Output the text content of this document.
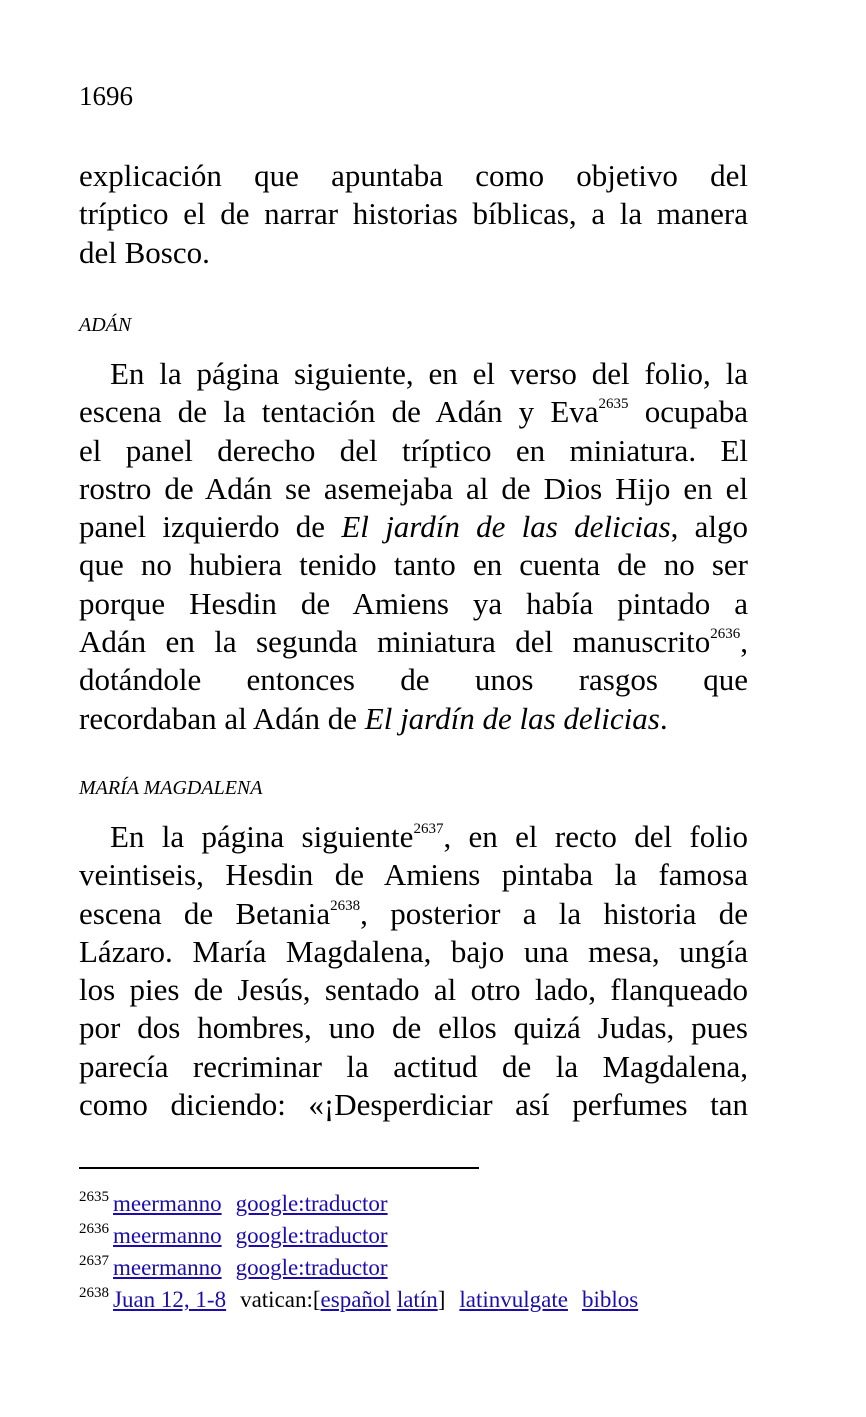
1696

explicación que apuntaba como objetivo del
tríptico el de narrar historias bíblicas, a la manera
del Bosco.

ADÁN

En la página siguiente, en el verso del folio, la
escena de la tentación de Adán y Eva$^{2635}$ ocupaba
el panel derecho del tríptico en miniatura. El
rostro de Adán se asemejaba al de Dios Hijo en el
panel izquierdo de El jardín de las delicias, algo
que no hubiera tenido tanto en cuenta de no ser
porque Hesdin de Amiens ya había pintado a
Adán en la segunda miniatura del manuscrito$^{2636}$,
dotándole entonces de unos rasgos que
recordaban al Adán de El jardín de las delicias.

MARÍA MAGDALENA

En la página siguiente$^{2637}$, en el recto del folio
veintiseis, Hesdin de Amiens pintaba la famosa
escena de Betania$^{2638}$, posterior a la historia de
Lázaro. María Magdalena, bajo una mesa, ungía
los pies de Jesús, sentado al otro lado, flanqueado
por dos hombres, uno de ellos quizá Judas, pues
parecía recriminar la actitud de la Magdalena,
como diciendo: «¡Desperdiciar así perfumes tan

$^{2635}$ meermanno google:traductor
$^{2636}$ meermanno google:traductor
$^{2637}$ meermanno google:traductor
$^{2638}$ Juan 12, 1-8 vatican:[español latín] latinvulgate biblos
